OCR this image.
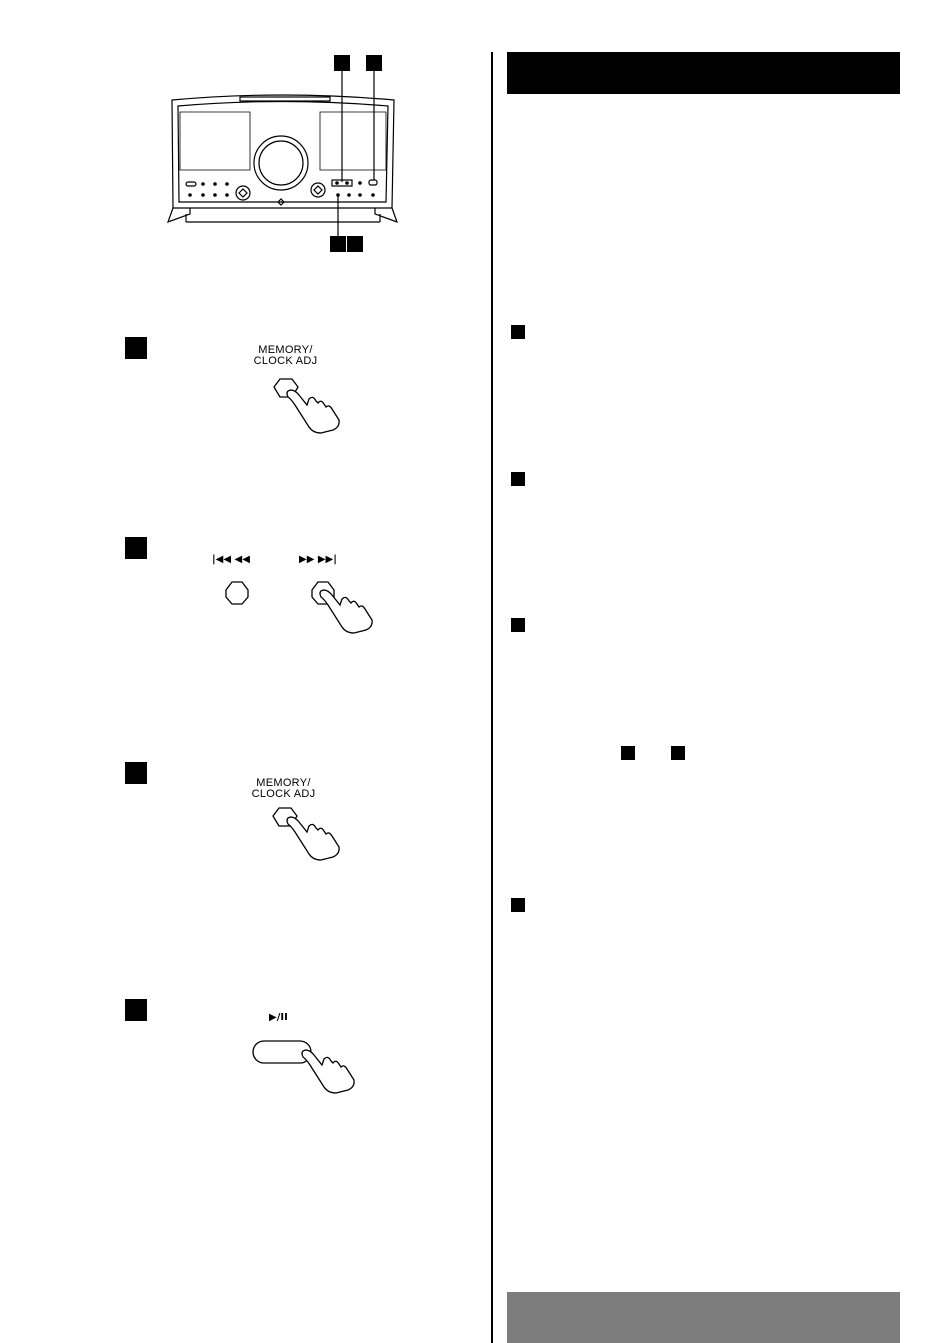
MEMORY/
CLOCK ADJ
|◀◀ ◀◀	▶▶ ▶▶|
MEMORY/
CLOCK ADJ
▶/II
